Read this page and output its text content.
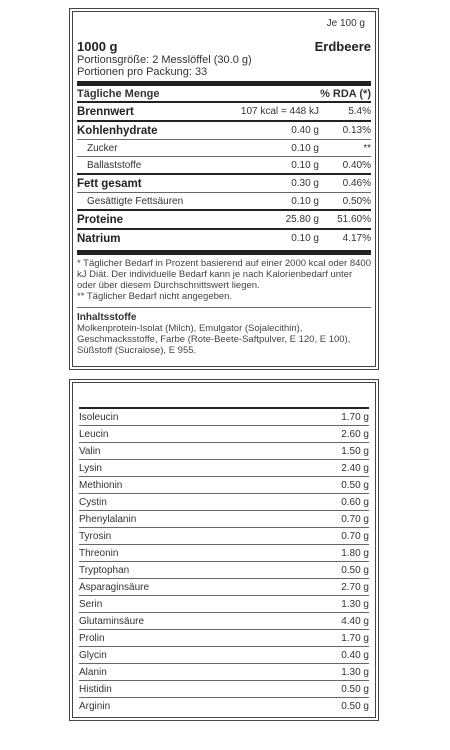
Je 100 g
1000 g	Erdbeere
Portionsgröße: 2 Messlöffel (30.0 g)
Portionen pro Packung: 33
Tägliche Menge	% RDA (*)
Brennwert	107 kcal = 448 kJ	5.4%
Kohlenhydrate	0.40 g	0.13%
Zucker	0.10 g	**
Ballaststoffe	0.10 g	0.40%
Fett gesamt	0.30 g	0.46%
Gesättigte Fettsäuren	0.10 g	0.50%
Proteine	25.80 g	51.60%
Natrium	0.10 g	4.17%
* Täglicher Bedarf in Prozent basierend auf einer 2000 kcal oder 8400 kJ Diät. Der individuelle Bedarf kann je nach Kalorienbedarf unter oder über diesem Durchschnittswert liegen.
** Täglicher Bedarf nicht angegeben.
Inhaltsstoffe
Molkenprotein-Isolat (Milch), Emulgator (Sojalecithin), Geschmacksstoffe, Farbe (Rote-Beete-Saftpulver, E 120, E 100), Süßstoff (Sucralose), E 955.
Isoleucin	1.70 g
Leucin	2.60 g
Valin	1.50 g
Lysin	2.40 g
Methionin	0.50 g
Cystin	0.60 g
Phenylalanin	0.70 g
Tyrosin	0.70 g
Threonin	1.80 g
Tryptophan	0.50 g
Asparaginsäure	2.70 g
Serin	1.30 g
Glutaminsäure	4.40 g
Prolin	1.70 g
Glycin	0.40 g
Alanin	1.30 g
Histidin	0.50 g
Arginin	0.50 g
